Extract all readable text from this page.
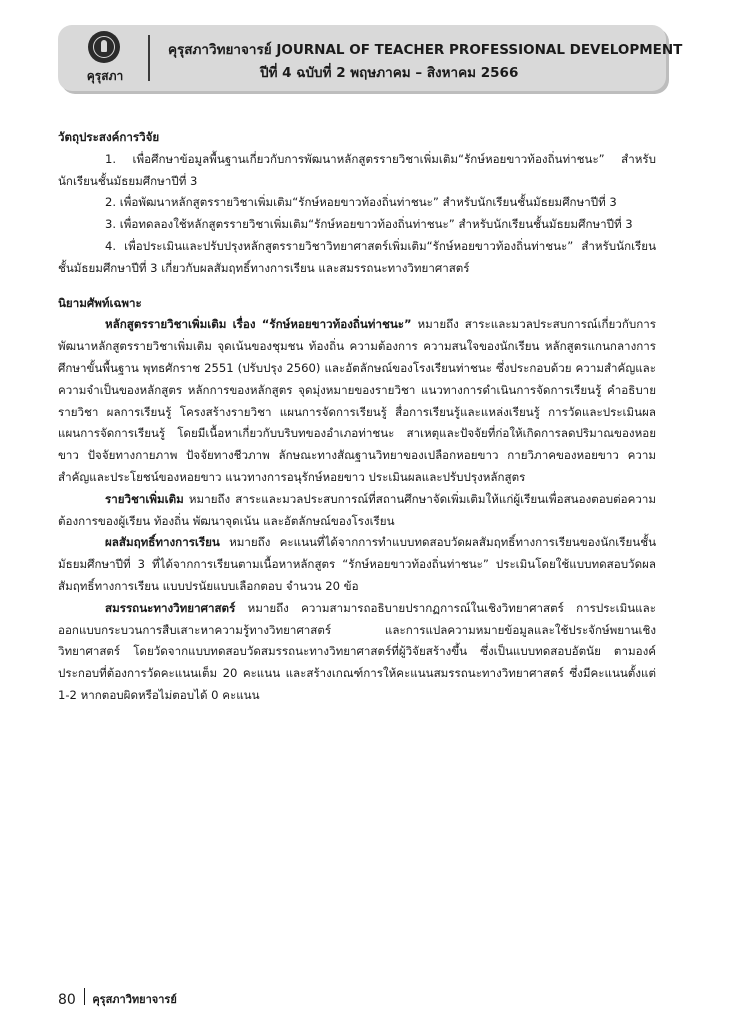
คุรุสภา
คุรุสภาวิทยาจารย์ JOURNAL OF TEACHER PROFESSIONAL DEVELOPMENT
ปีที่ 4 ฉบับที่ 2 พฤษภาคม – สิงหาคม 2566

วัตถุประสงค์การวิจัย

1. เพื่อศึกษาข้อมูลพื้นฐานเกี่ยวกับการพัฒนาหลักสูตรรายวิชาเพิ่มเติม“รักษ์หอยขาวท้องถิ่นท่าชนะ” สำหรับนักเรียนชั้นมัธยมศึกษาปีที่ 3

2. เพื่อพัฒนาหลักสูตรรายวิชาเพิ่มเติม“รักษ์หอยขาวท้องถิ่นท่าชนะ” สำหรับนักเรียนชั้นมัธยมศึกษาปีที่ 3

3. เพื่อทดลองใช้หลักสูตรรายวิชาเพิ่มเติม“รักษ์หอยขาวท้องถิ่นท่าชนะ” สำหรับนักเรียนชั้นมัธยมศึกษาปีที่ 3

4. เพื่อประเมินและปรับปรุงหลักสูตรรายวิชาวิทยาศาสตร์เพิ่มเติม“รักษ์หอยขาวท้องถิ่นท่าชนะ” สำหรับนักเรียนชั้นมัธยมศึกษาปีที่ 3 เกี่ยวกับผลสัมฤทธิ์ทางการเรียน และสมรรถนะทางวิทยาศาสตร์

นิยามศัพท์เฉพาะ

หลักสูตรรายวิชาเพิ่มเติม เรื่อง “รักษ์หอยขาวท้องถิ่นท่าชนะ” หมายถึง สาระและมวลประสบการณ์เกี่ยวกับการพัฒนาหลักสูตรรายวิชาเพิ่มเติม จุดเน้นของชุมชน ท้องถิ่น ความต้องการ ความสนใจของนักเรียน หลักสูตรแกนกลางการศึกษาขั้นพื้นฐาน พุทธศักราช 2551 (ปรับปรุง 2560) และอัตลักษณ์ของโรงเรียนท่าชนะ ซึ่งประกอบด้วย ความสำคัญและความจำเป็นของหลักสูตร หลักการของหลักสูตร จุดมุ่งหมายของรายวิชา แนวทางการดำเนินการจัดการเรียนรู้ คำอธิบายรายวิชา ผลการเรียนรู้ โครงสร้างรายวิชา แผนการจัดการเรียนรู้ สื่อการเรียนรู้และแหล่งเรียนรู้ การวัดและประเมินผล แผนการจัดการเรียนรู้ โดยมีเนื้อหาเกี่ยวกับบริบทของอำเภอท่าชนะ สาเหตุและปัจจัยที่ก่อให้เกิดการลดปริมาณของหอยขาว ปัจจัยทางกายภาพ ปัจจัยทางชีวภาพ ลักษณะทางสัณฐานวิทยาของเปลือกหอยขาว กายวิภาคของหอยขาว ความสำคัญและประโยชน์ของหอยขาว แนวทางการอนุรักษ์หอยขาว ประเมินผลและปรับปรุงหลักสูตร

รายวิชาเพิ่มเติม หมายถึง สาระและมวลประสบการณ์ที่สถานศึกษาจัดเพิ่มเติมให้แก่ผู้เรียนเพื่อสนองตอบต่อความต้องการของผู้เรียน ท้องถิ่น พัฒนาจุดเน้น และอัตลักษณ์ของโรงเรียน

ผลสัมฤทธิ์ทางการเรียน หมายถึง คะแนนที่ได้จากการทำแบบทดสอบวัดผลสัมฤทธิ์ทางการเรียนของนักเรียนชั้นมัธยมศึกษาปีที่ 3 ที่ได้จากการเรียนตามเนื้อหาหลักสูตร “รักษ์หอยขาวท้องถิ่นท่าชนะ” ประเมินโดยใช้แบบทดสอบวัดผลสัมฤทธิ์ทางการเรียน แบบปรนัยแบบเลือกตอบ จำนวน 20 ข้อ

สมรรถนะทางวิทยาศาสตร์ หมายถึง ความสามารถอธิบายปรากฏการณ์ในเชิงวิทยาศาสตร์ การประเมินและออกแบบกระบวนการสืบเสาะหาความรู้ทางวิทยาศาสตร์ และการแปลความหมายข้อมูลและใช้ประจักษ์พยานเชิงวิทยาศาสตร์ โดยวัดจากแบบทดสอบวัดสมรรถนะทางวิทยาศาสตร์ที่ผู้วิจัยสร้างขึ้น ซึ่งเป็นแบบทดสอบอัตนัย ตามองค์ประกอบที่ต้องการวัดคะแนนเต็ม 20 คะแนน และสร้างเกณฑ์การให้คะแนนสมรรถนะทางวิทยาศาสตร์ ซึ่งมีคะแนนตั้งแต่ 1-2 หากตอบผิดหรือไม่ตอบได้ 0 คะแนน

80 คุรุสภาวิทยาจารย์
